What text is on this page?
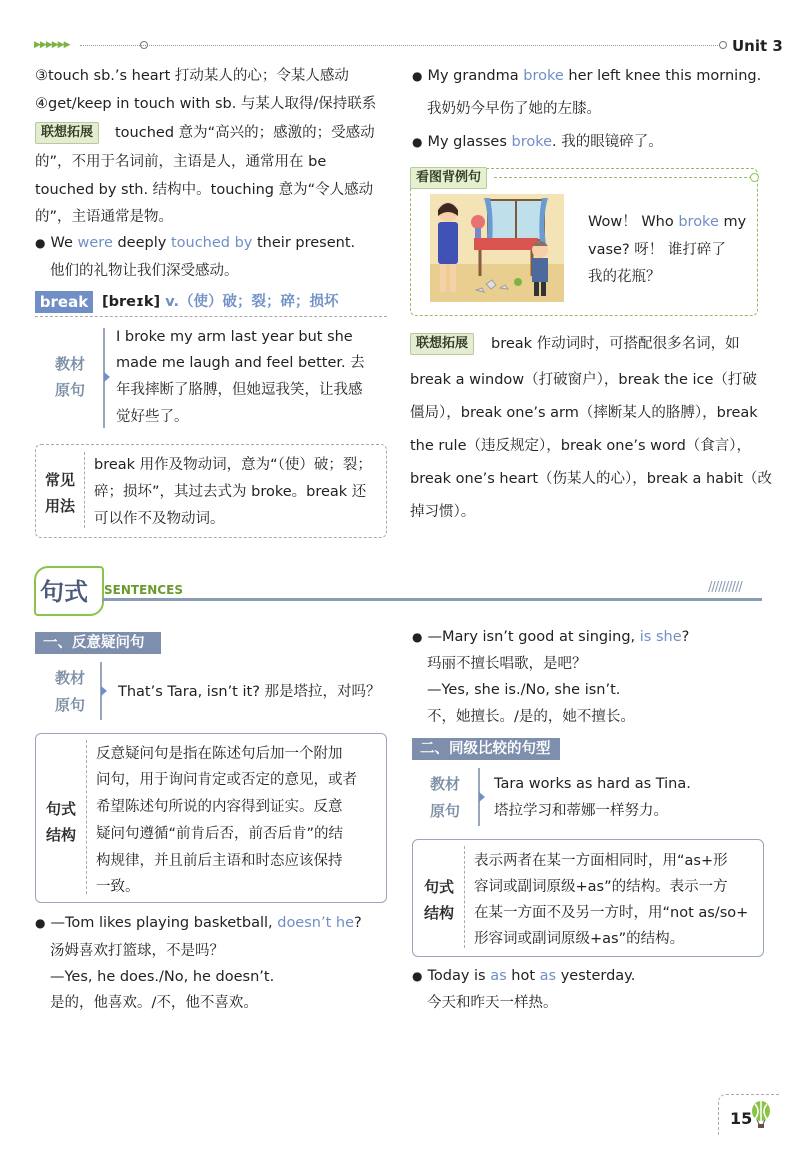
▶▶▶▶▶▶	Unit 3
③touch sb.’s heart 打动某人的心；令某人感动
④get/keep in touch with sb. 与某人取得/保持联系
联想拓展	touched 意为“高兴的；感激的；受感动
的”，不用于名词前，主语是人，通常用在 be
touched by sth. 结构中。touching 意为“令人感动
的”，主语通常是物。
● We were deeply touched by their present.
他们的礼物让我们深受感动。
break [breɪk] v.（使）破；裂；碎；损坏
教材
原句
I broke my arm last year but she
made me laugh and feel better. 去
年我摔断了胳膊，但她逗我笑，让我感
觉好些了。
常见
用法
break 用作及物动词，意为“（使）破；裂；
碎；损坏”，其过去式为 broke。break 还
可以作不及物动词。
● My grandma broke her left knee this morning.
我奶奶今早伤了她的左膝。
● My glasses broke. 我的眼镜碎了。
看图背例句
Wow！ Who broke my
vase? 呀！ 谁打碎了
我的花瓶？
联想拓展	break 作动词时，可搭配很多名词，如
break a window（打破窗户），break the ice（打破
僵局），break one’s arm（摔断某人的胳膊），break
the rule（违反规定），break one’s word（食言），
break one’s heart（伤某人的心），break a habit（改
掉习惯）。
句式 SENTENCES	//////////
一、反意疑问句
教材
原句
That’s Tara, isn’t it? 那是塔拉，对吗？
句式
结构
反意疑问句是指在陈述句后加一个附加
问句，用于询问肯定或否定的意见，或者
希望陈述句所说的内容得到证实。反意
疑问句遵循“前肯后否，前否后肯”的结
构规律，并且前后主语和时态应该保持
一致。
● —Tom likes playing basketball, doesn’t he?
汤姆喜欢打篮球，不是吗？
—Yes, he does./No, he doesn’t.
是的，他喜欢。/不，他不喜欢。
● —Mary isn’t good at singing, is she?
玛丽不擅长唱歌，是吧？
—Yes, she is./No, she isn’t.
不，她擅长。/是的，她不擅长。
二、同级比较的句型
教材
原句
Tara works as hard as Tina.
塔拉学习和蒂娜一样努力。
句式
结构
表示两者在某一方面相同时，用“as+形
容词或副词原级+as”的结构。表示一方
在某一方面不及另一方时，用“not as/so+
形容词或副词原级+as”的结构。
● Today is as hot as yesterday.
今天和昨天一样热。
15
